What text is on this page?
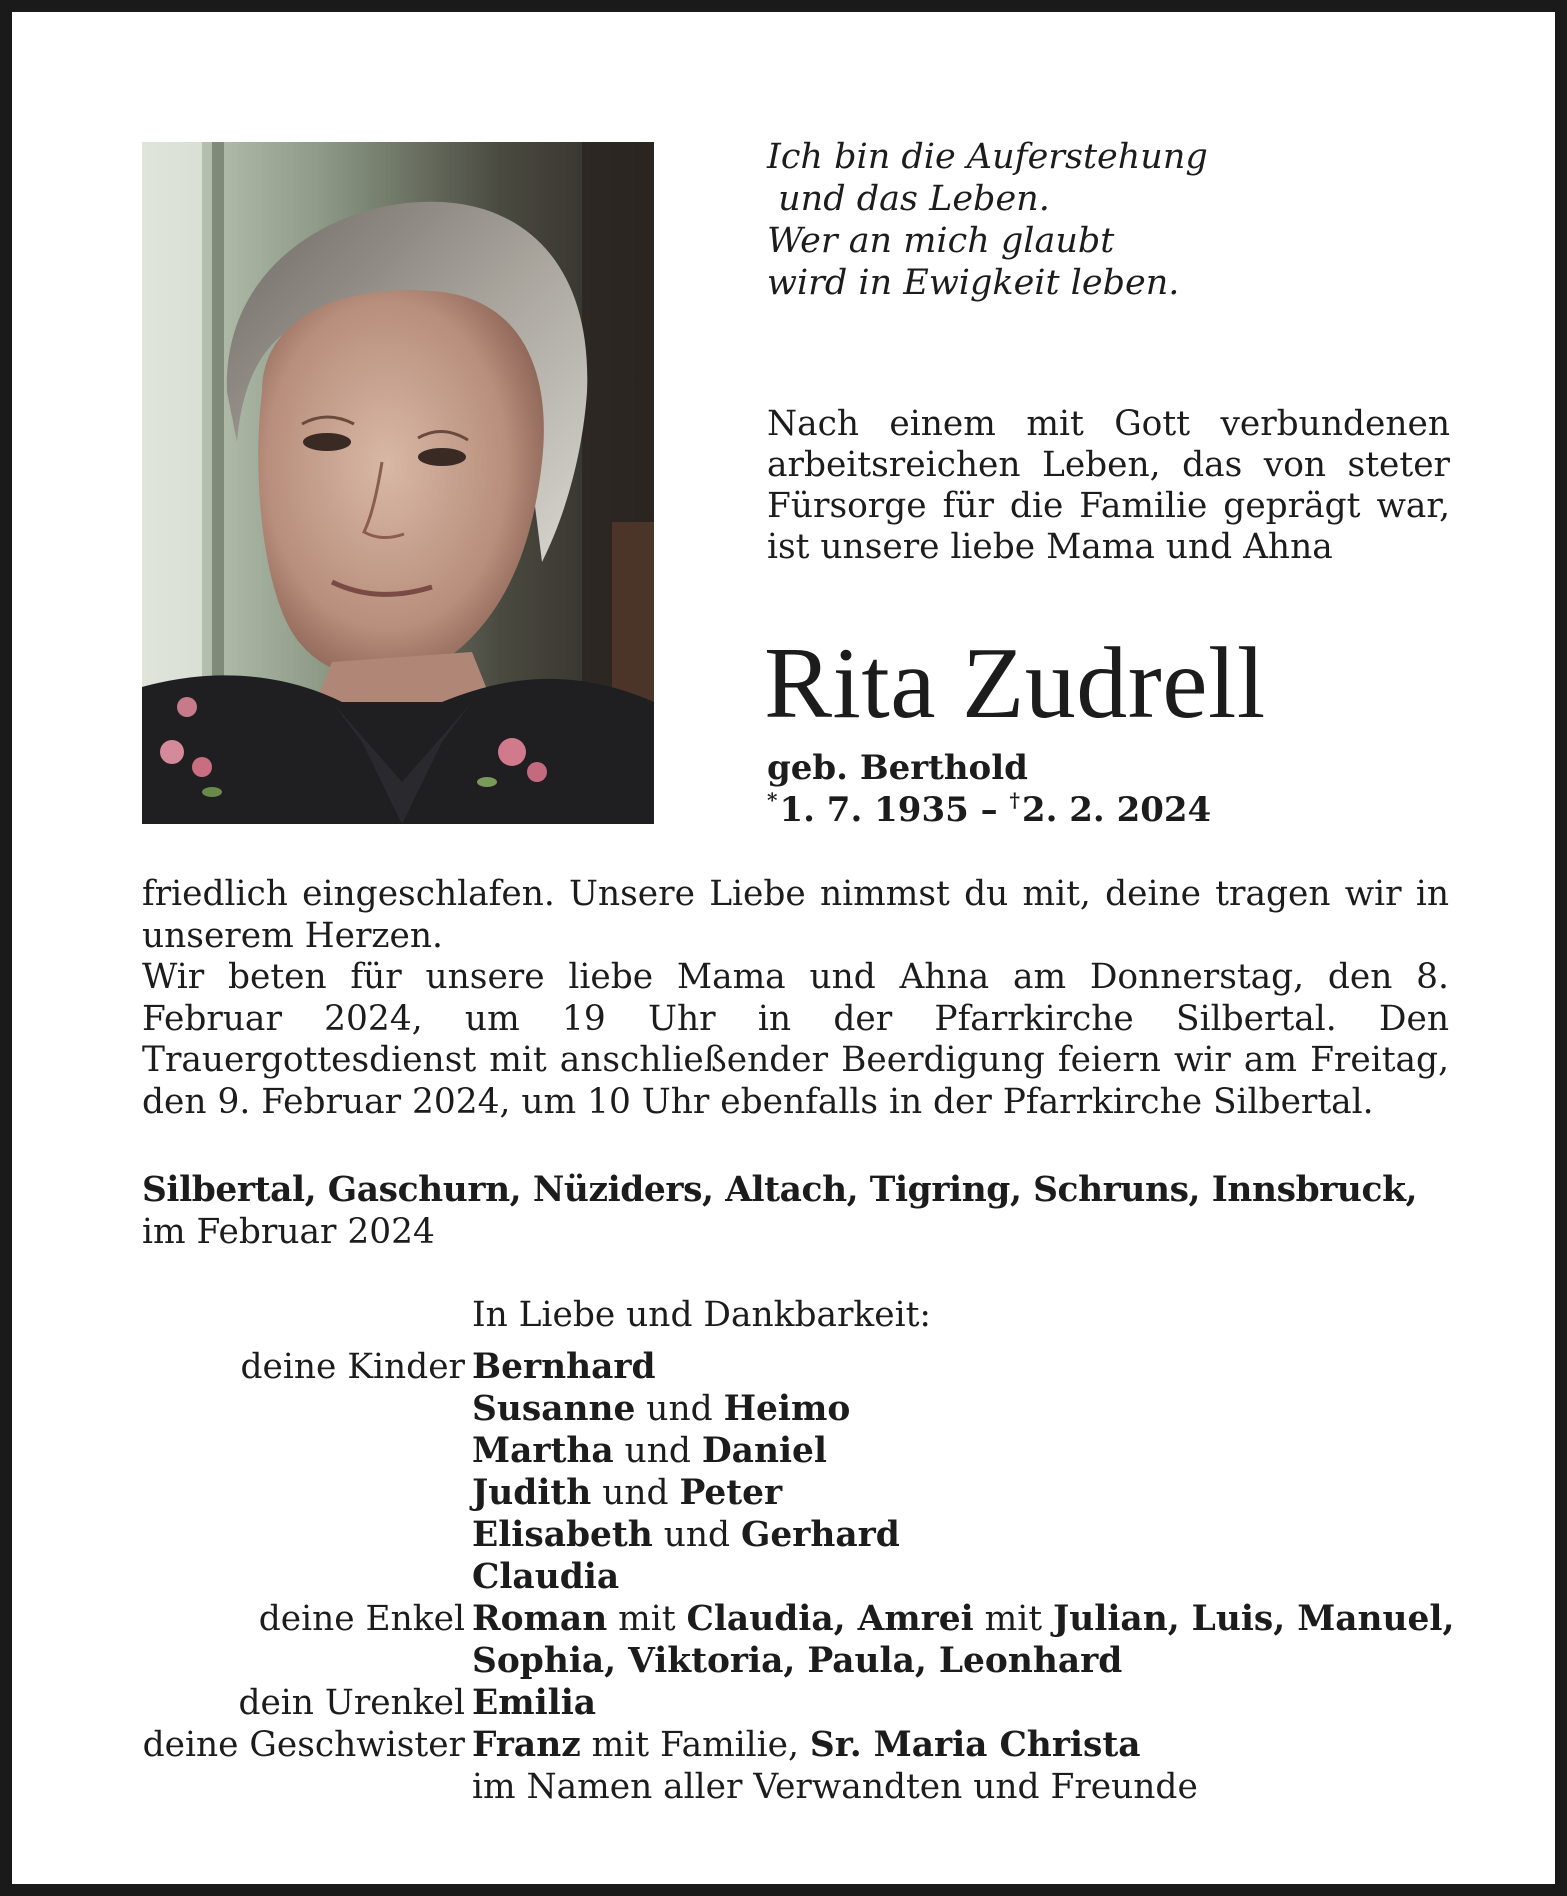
Ich bin die Auferstehung
und das Leben.
Wer an mich glaubt
wird in Ewigkeit leben.
Nach einem mit Gott verbundenen arbeitsreichen Leben, das von steter Fürsorge für die Familie geprägt war, ist unsere liebe Mama und Ahna
Rita Zudrell
geb. Berthold
*1. 7. 1935 – †2. 2. 2024

friedlich eingeschlafen. Unsere Liebe nimmst du mit, deine tragen wir in unserem Herzen.

Wir beten für unsere liebe Mama und Ahna am Donnerstag, den 8. Februar 2024, um 19 Uhr in der Pfarrkirche Silbertal. Den Trauergottesdienst mit anschließender Beerdigung feiern wir am Freitag, den 9. Februar 2024, um 10 Uhr ebenfalls in der Pfarrkirche Silbertal.

Silbertal, Gaschurn, Nüziders, Altach, Tigring, Schruns, Innsbruck,
im Februar 2024
In Liebe und Dankbarkeit:
deine Kinder Bernhard
Susanne und Heimo
Martha und Daniel
Judith und Peter
Elisabeth und Gerhard
Claudia
deine Enkel Roman mit Claudia, Amrei mit Julian, Luis, Manuel,
Sophia, Viktoria, Paula, Leonhard
dein Urenkel Emilia
deine Geschwister Franz mit Familie, Sr. Maria Christa
im Namen aller Verwandten und Freunde
